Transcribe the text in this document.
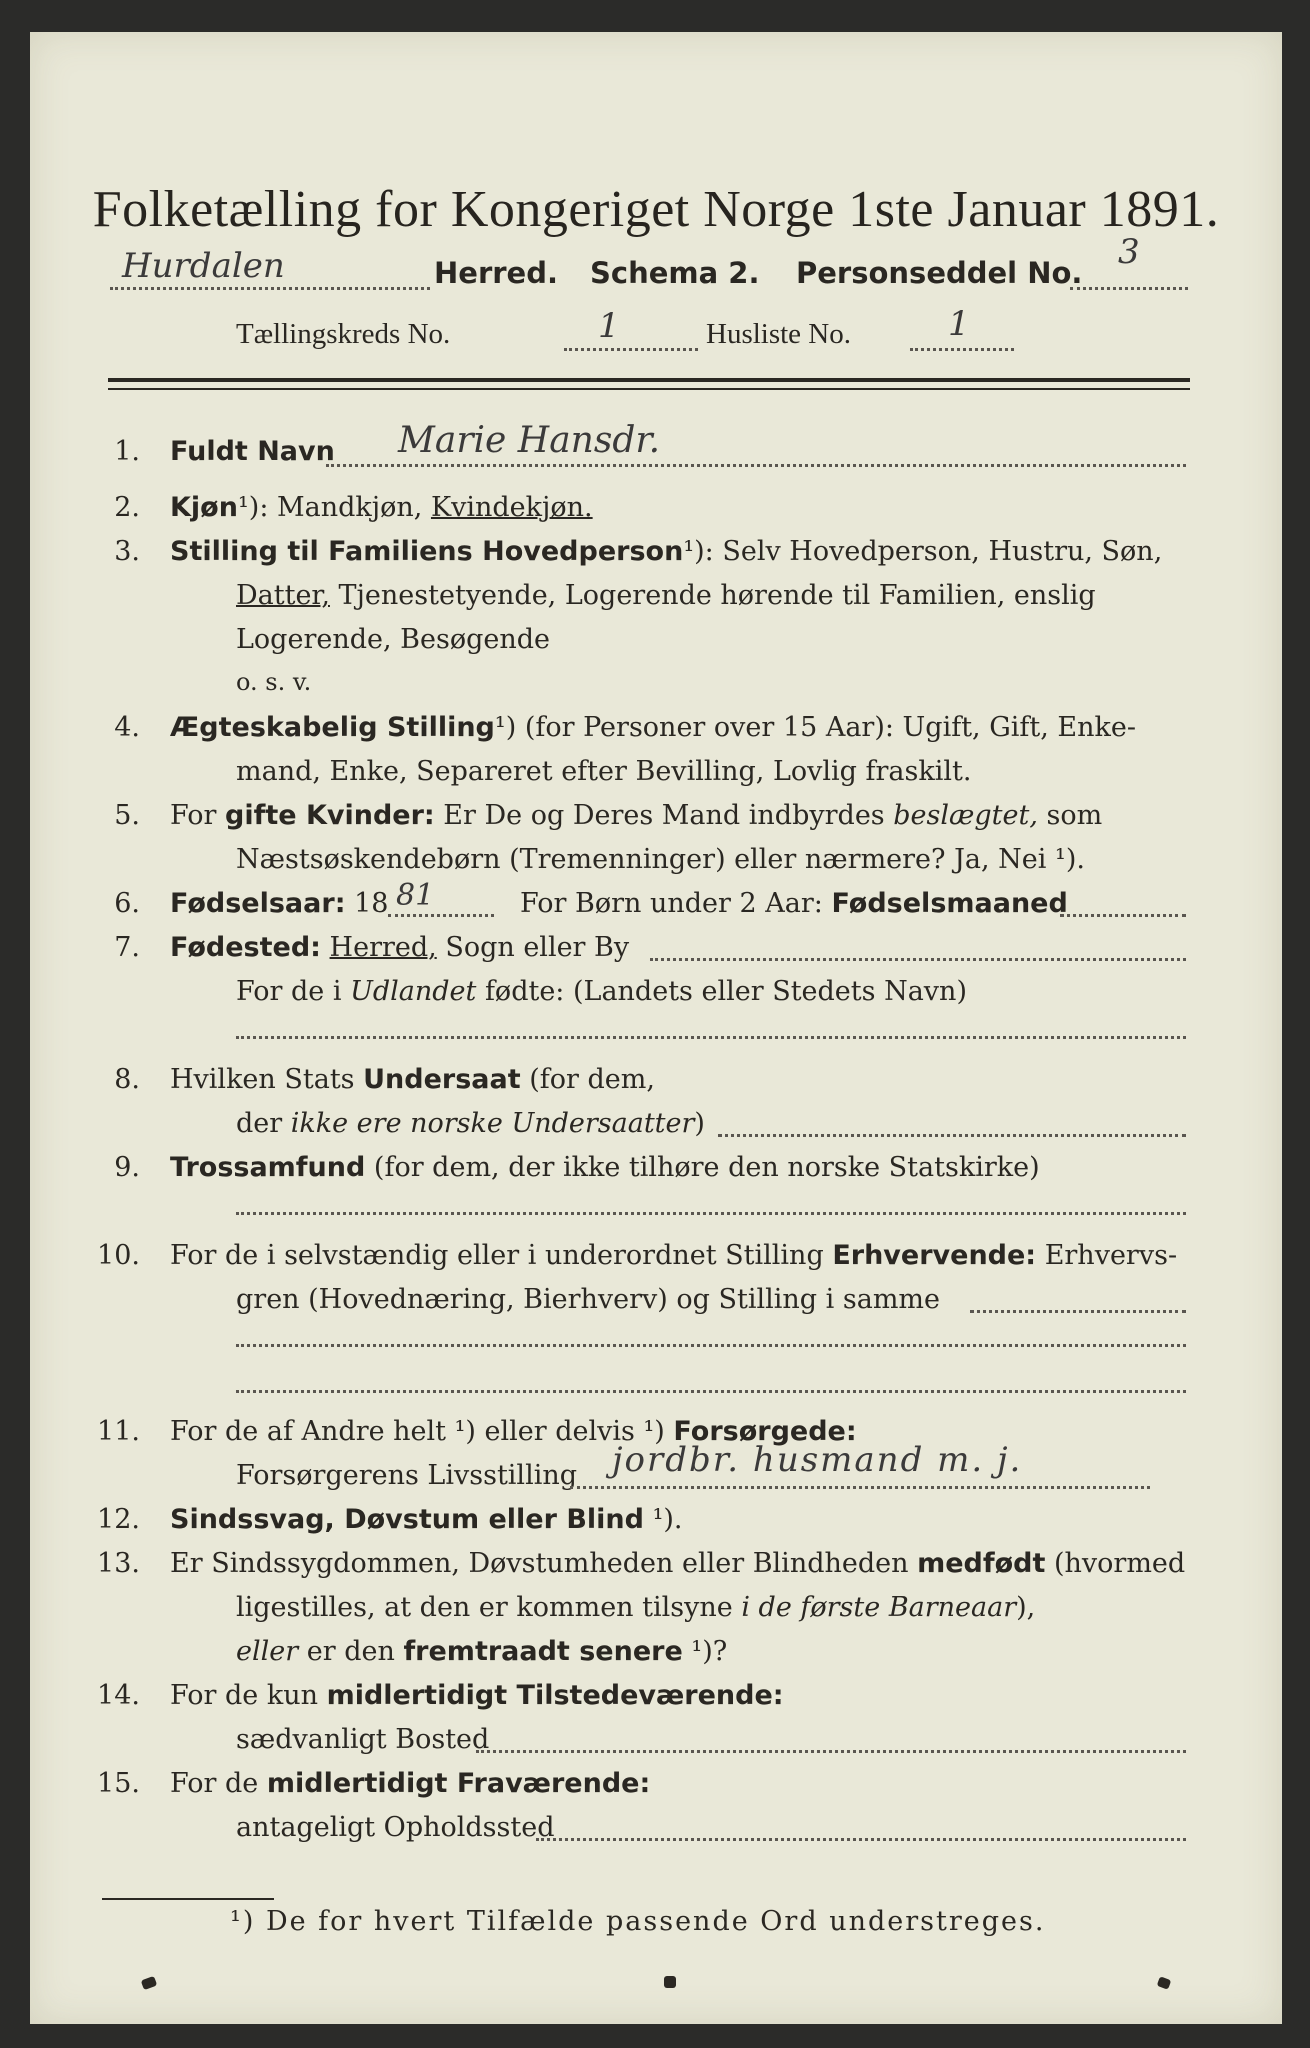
Folketælling for Kongeriget Norge 1ste Januar 1891.
Hurdalen	Herred. Schema 2. Personseddel No.
3
Tællingskreds No.	1	Husliste No.	1
1. Fuldt Navn Marie Hansdr.
2. Kjøn¹): Mandkjøn, Kvindekjøn.
3. Stilling til Familiens Hovedperson¹): Selv Hovedperson, Hustru, Søn,
Datter, Tjenestetyende, Logerende hørende til Familien, enslig
Logerende, Besøgende
o. s. v.
4. Ægteskabelig Stilling¹) (for Personer over 15 Aar): Ugift, Gift, Enke-
mand, Enke, Separeret efter Bevilling, Lovlig fraskilt.
5. For gifte Kvinder: Er De og Deres Mand indbyrdes beslægtet, som
Næstsøskendebørn (Tremenninger) eller nærmere? Ja, Nei ¹).
6. Fødselsaar: 18 81	For Børn under 2 Aar: Fødselsmaaned
7. Fødested: Herred, Sogn eller By
For de i Udlandet fødte: (Landets eller Stedets Navn)
8. Hvilken Stats Undersaat (for dem,
der ikke ere norske Undersaatter)
9. Trossamfund (for dem, der ikke tilhøre den norske Statskirke)
10. For de i selvstændig eller i underordnet Stilling Erhvervende: Erhvervs-
gren (Hovednæring, Bierhverv) og Stilling i samme
11. For de af Andre helt ¹) eller delvis ¹) Forsørgede:
Forsørgerens Livsstilling jordbr. husmand m. j.
12. Sindssvag, Døvstum eller Blind ¹).
13. Er Sindssygdommen, Døvstumheden eller Blindheden medfødt (hvormed
ligestilles, at den er kommen tilsyne i de første Barneaar),
eller er den fremtraadt senere ¹)?
14. For de kun midlertidigt Tilstedeværende:
sædvanligt Bosted
15. For de midlertidigt Fraværende:
antageligt Opholdssted
¹) De for hvert Tilfælde passende Ord understreges.
